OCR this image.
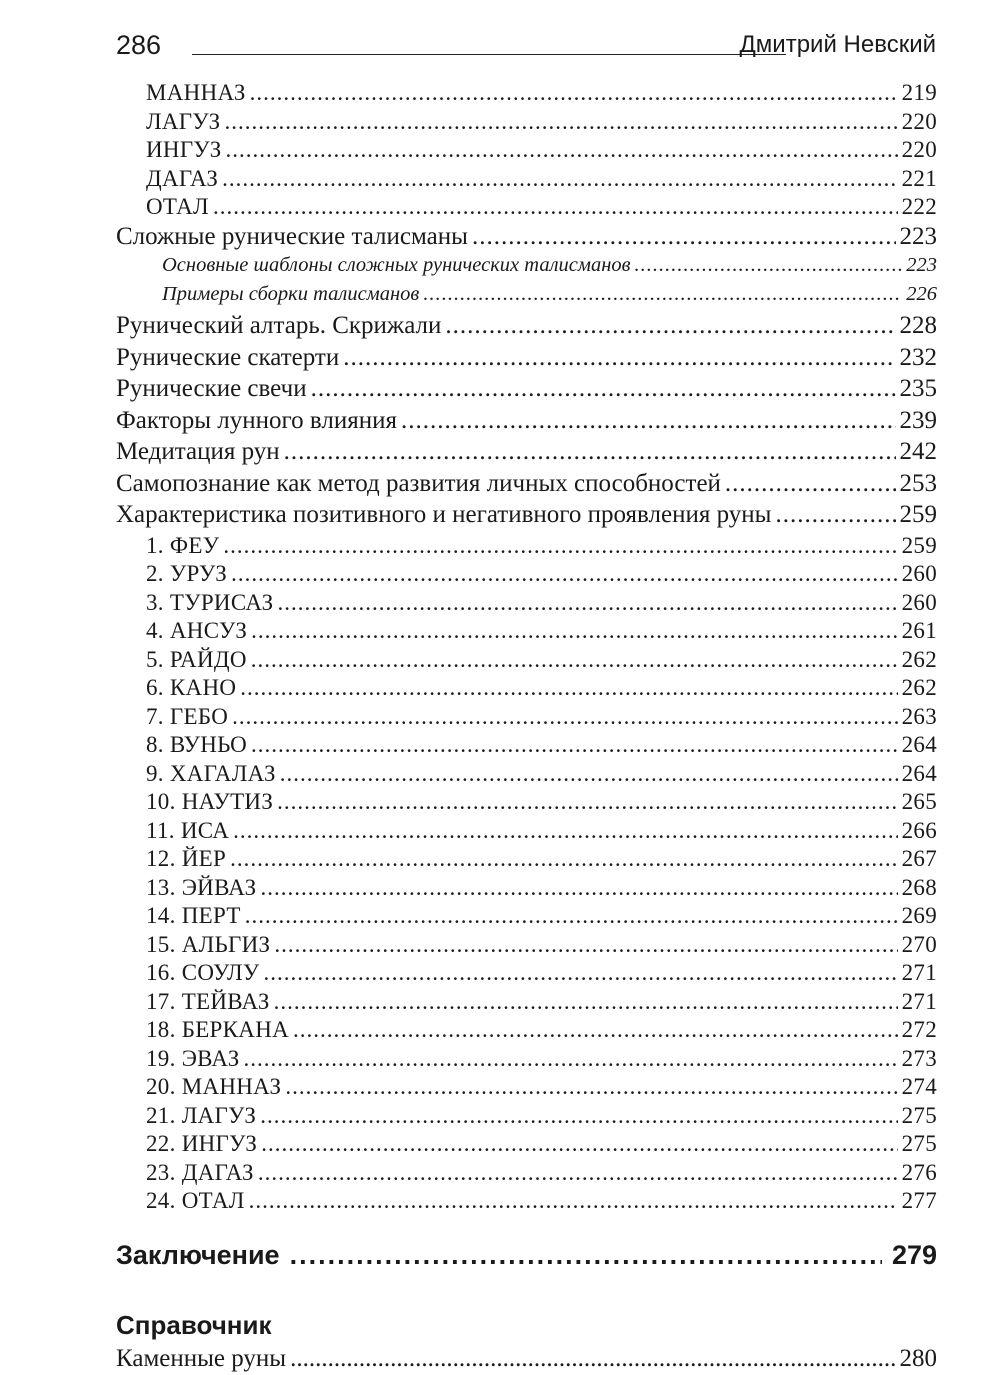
286	Дмитрий Невский
МАННАЗ .....	219
ЛАГУЗ .....	220
ИНГУЗ .....	220
ДАГАЗ .....	221
ОТАЛ .....	222
Сложные рунические талисманы .....	223
Основные шаблоны сложных рунических талисманов .....	223
Примеры сборки талисманов .....	226
Рунический алтарь. Скрижали .....	228
Рунические скатерти .....	232
Рунические свечи .....	235
Факторы лунного влияния .....	239
Медитация рун .....	242
Самопознание как метод развития личных способностей .....	253
Характеристика позитивного и негативного проявления руны .....	259
1. ФЕУ .....	259
2. УРУЗ .....	260
3. ТУРИСАЗ .....	260
4. АНСУЗ .....	261
5. РАЙДО .....	262
6. КАНО .....	262
7. ГЕБО .....	263
8. ВУНЬО .....	264
9. ХАГАЛАЗ .....	264
10. НАУТИЗ .....	265
11. ИСА .....	266
12. ЙЕР .....	267
13. ЭЙВАЗ .....	268
14. ПЕРТ .....	269
15. АЛЬГИЗ .....	270
16. СОУЛУ .....	271
17. ТЕЙВАЗ .....	271
18. БЕРКАНА .....	272
19. ЭВАЗ .....	273
20. МАННАЗ .....	274
21. ЛАГУЗ .....	275
22. ИНГУЗ .....	275
23. ДАГАЗ .....	276
24. ОТАЛ .....	277
Заключение .....	279
Справочник
Каменные руны .....	280
